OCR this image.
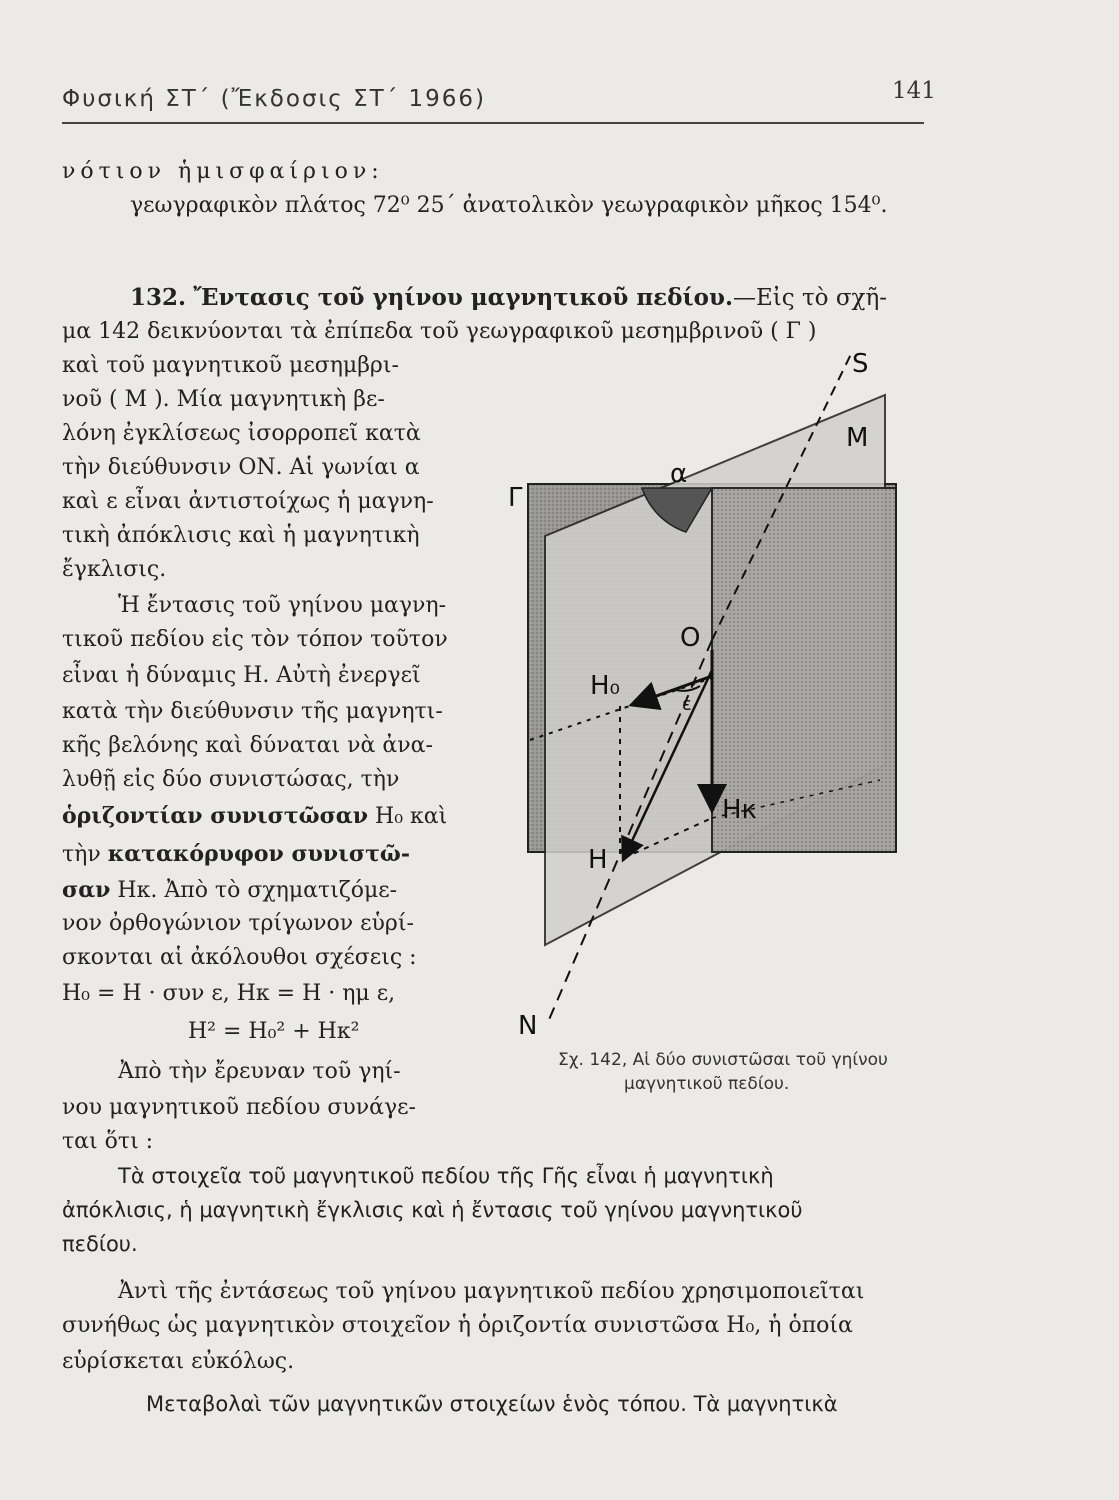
Φυσική ΣΤ΄ (Ἔκδοσις ΣΤ΄ 1966)	141
νότιον ἡμισφαίριον:
γεωγραφικὸν πλάτος 72⁰ 25΄ ἀνατολικὸν γεωγραφικὸν μῆκος 154⁰.
132. Ἔντασις τοῦ γηίνου μαγνητικοῦ πεδίου.—Εἰς τὸ σχῆ-
μα 142 δεικνύονται τὰ ἐπίπεδα τοῦ γεωγραφικοῦ μεσημβρινοῦ ( Γ )
καὶ τοῦ μαγνητικοῦ μεσημβρι-
νοῦ ( Μ ). Μία μαγνητικὴ βε-
λόνη ἐγκλίσεως ἰσορροπεῖ κατὰ
τὴν διεύθυνσιν ΟΝ. Αἱ γωνίαι α
καὶ ε εἶναι ἀντιστοίχως ἡ μαγνη-
τικὴ ἀπόκλισις καὶ ἡ μαγνητικὴ
ἔγκλισις.
Ἡ ἔντασις τοῦ γηίνου μαγνη-
τικοῦ πεδίου εἰς τὸν τόπον τοῦτον
εἶναι ἡ δύναμις Η. Αὐτὴ ἐνεργεῖ
κατὰ τὴν διεύθυνσιν τῆς μαγνητι-
κῆς βελόνης καὶ δύναται νὰ ἀνα-
λυθῇ εἰς δύο συνιστώσας, τὴν
ὁριζοντίαν συνιστῶσαν Η₀ καὶ
τὴν κατακόρυφον συνιστῶ-
σαν Ηκ. Ἀπὸ τὸ σχηματιζόμε-
νον ὀρθογώνιον τρίγωνον εὑρί-
σκονται αἱ ἀκόλουθοι σχέσεις :
Η₀ = Η · συν ε, Ηκ = Η · ημ ε,
Η² = Η₀² + Ηκ²
Ἀπὸ τὴν ἔρευναν τοῦ γηί-
νου μαγνητικοῦ πεδίου συνάγε-
ται ὅτι :
S
M
Γ
α
O
H₀
ε
Hκ
H
N
Σχ. 142, Αἱ δύο συνιστῶσαι τοῦ γηίνου
μαγνητικοῦ πεδίου.
Τὰ στοιχεῖα τοῦ μαγνητικοῦ πεδίου τῆς Γῆς εἶναι ἡ μαγνητικὴ
ἀπόκλισις, ἡ μαγνητικὴ ἔγκλισις καὶ ἡ ἔντασις τοῦ γηίνου μαγνητικοῦ
πεδίου.
Ἀντὶ τῆς ἐντάσεως τοῦ γηίνου μαγνητικοῦ πεδίου χρησιμοποιεῖται
συνήθως ὡς μαγνητικὸν στοιχεῖον ἡ ὁριζοντία συνιστῶσα Η₀, ἡ ὁποία
εὑρίσκεται εὐκόλως.
Μεταβολαὶ τῶν μαγνητικῶν στοιχείων ἑνὸς τόπου. Τὰ μαγνητικὰ
